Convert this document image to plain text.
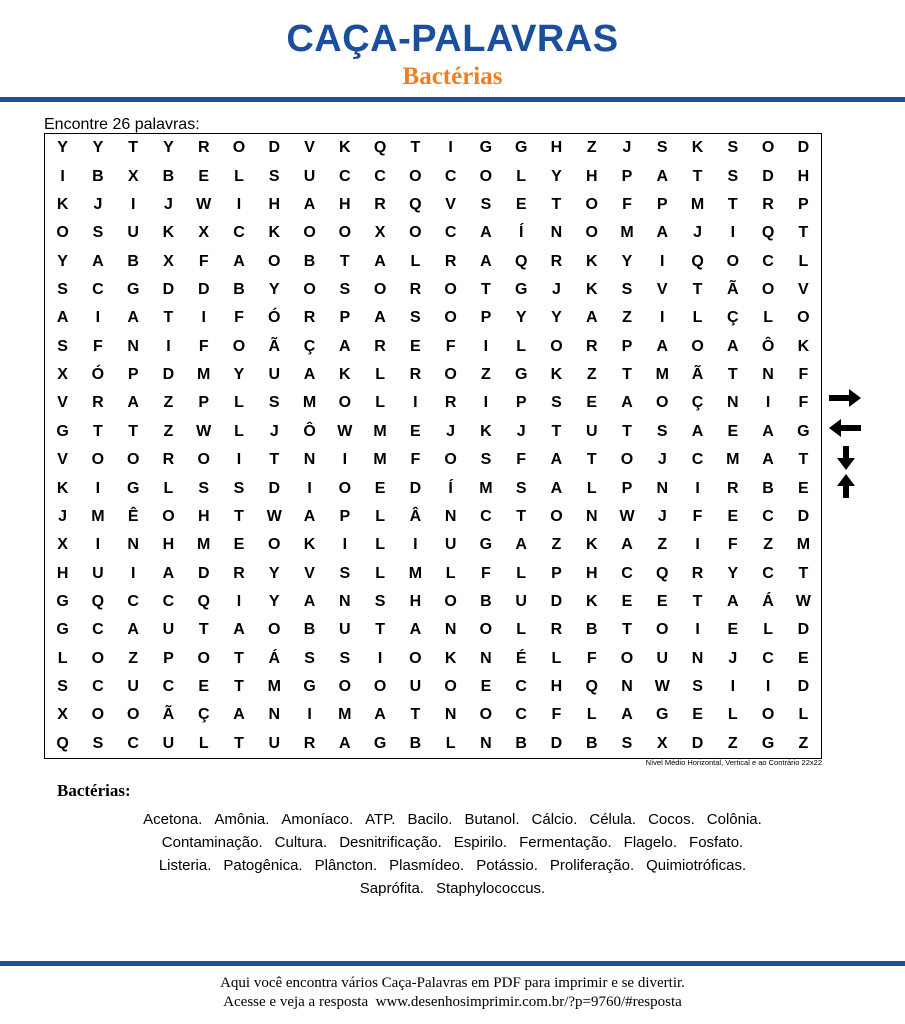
CAÇA-PALAVRAS
Bactérias
Encontre 26 palavras:
Y	Y	T	Y	R	O	D	V	K	Q	T	I	G	G	H	Z	J	S	K	S	O	D
I	B	X	B	E	L	S	U	C	C	O	C	O	L	Y	H	P	A	T	S	D	H
K	J	I	J	W	I	H	A	H	R	Q	V	S	E	T	O	F	P	M	T	R	P
O	S	U	K	X	C	K	O	O	X	O	C	A	Í	N	O	M	A	J	I	Q	T
Y	A	B	X	F	A	O	B	T	A	L	R	A	Q	R	K	Y	I	Q	O	C	L
S	C	G	D	D	B	Y	O	S	O	R	O	T	G	J	K	S	V	T	Ã	O	V
A	I	A	T	I	F	Ó	R	P	A	S	O	P	Y	Y	A	Z	I	L	Ç	L	O
S	F	N	I	F	O	Ã	Ç	A	R	E	F	I	L	O	R	P	A	O	A	Ô	K
X	Ó	P	D	M	Y	U	A	K	L	R	O	Z	G	K	Z	T	M	Ã	T	N	F
V	R	A	Z	P	L	S	M	O	L	I	R	I	P	S	E	A	O	Ç	N	I	F
G	T	T	Z	W	L	J	Ô	W	M	E	J	K	J	T	U	T	S	A	E	A	G
V	O	O	R	O	I	T	N	I	M	F	O	S	F	A	T	O	J	C	M	A	T
K	I	G	L	S	S	D	I	O	E	D	Í	M	S	A	L	P	N	I	R	B	E
J	M	Ê	O	H	T	W	A	P	L	Â	N	C	T	O	N	W	J	F	E	C	D
X	I	N	H	M	E	O	K	I	L	I	U	G	A	Z	K	A	Z	I	F	Z	M
H	U	I	A	D	R	Y	V	S	L	M	L	F	L	P	H	C	Q	R	Y	C	T
G	Q	C	C	Q	I	Y	A	N	S	H	O	B	U	D	K	E	E	T	A	Á	W
G	C	A	U	T	A	O	B	U	T	A	N	O	L	R	B	T	O	I	E	L	D
L	O	Z	P	O	T	Á	S	S	I	O	K	N	É	L	F	O	U	N	J	C	E
S	C	U	C	E	T	M	G	O	O	U	O	E	C	H	Q	N	W	S	I	I	D
X	O	O	Ã	Ç	A	N	I	M	A	T	N	O	C	F	L	A	G	E	L	O	L
Q	S	C	U	L	T	U	R	A	G	B	L	N	B	D	B	S	X	D	Z	G	Z
Nível Médio Horizontal, Vertical e ao Contrário 22x22
Bactérias:
Acetona. Amônia. Amoníaco. ATP. Bacilo. Butanol. Cálcio. Célula. Cocos. Colônia.
Contaminação. Cultura. Desnitrificação. Espirilo. Fermentação. Flagelo. Fosfato.
Listeria. Patogênica. Plâncton. Plasmídeo. Potássio. Proliferação. Quimiotróficas.
Saprófita. Staphylococcus.
Aqui você encontra vários Caça-Palavras em PDF para imprimir e se divertir.
Acesse e veja a resposta  www.desenhosimprimir.com.br/?p=9760/#resposta
